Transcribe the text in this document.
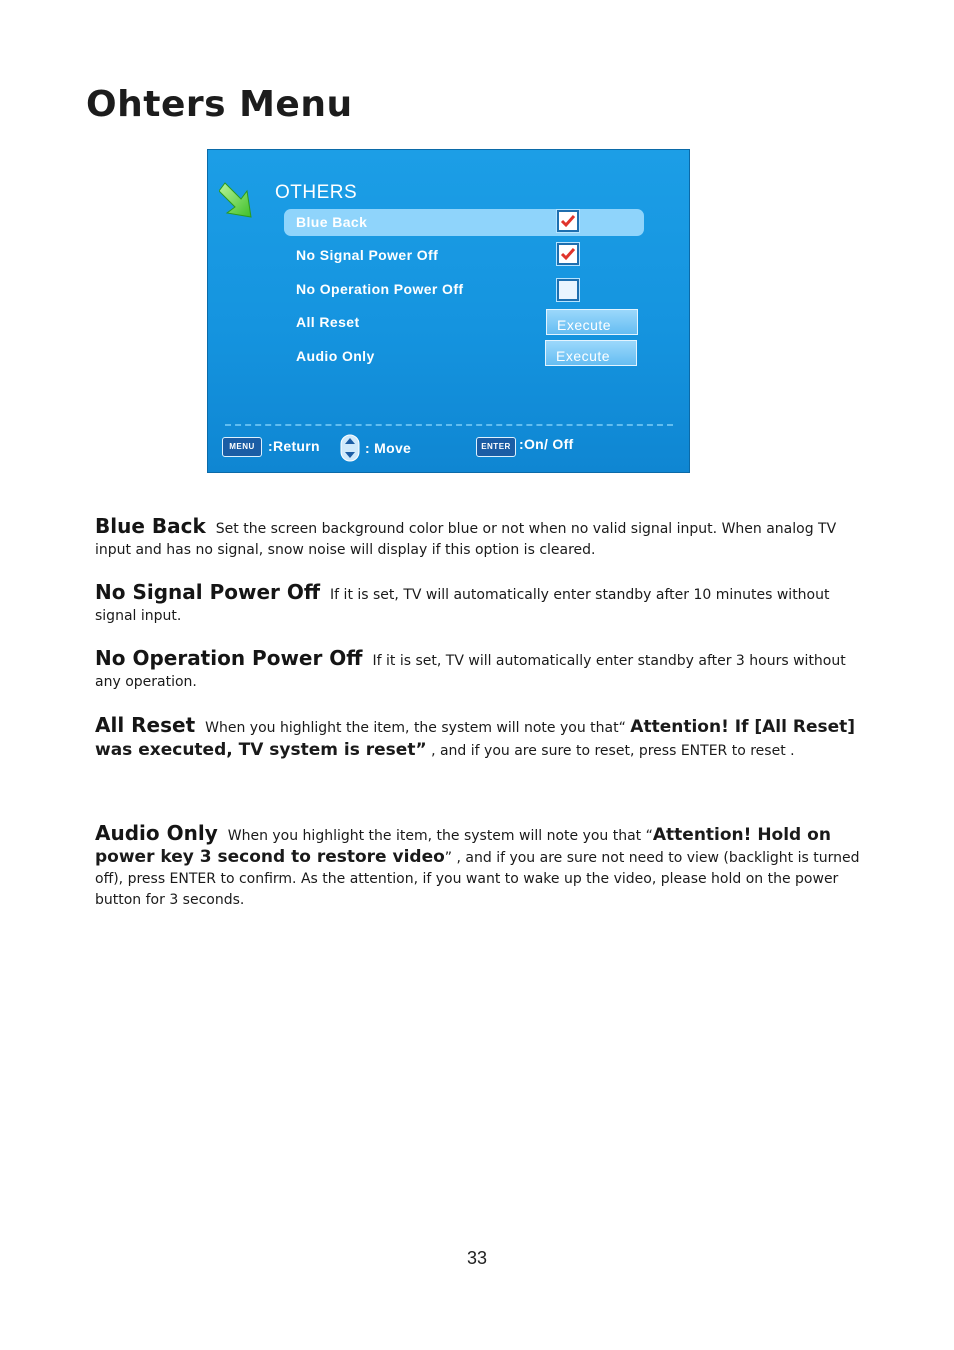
Ohters Menu
OTHERS
Blue Back
No Signal Power Off
No Operation Power Off
All Reset	Execute
Audio Only	Execute
MENU :Return	: Move	ENTER :On/ Off

Blue Back Set the screen background color blue or not when no valid signal input. When analog TV input and has no signal, snow noise will display if this option is cleared.

No Signal Power Off If it is set, TV will automatically enter standby after 10 minutes without signal input.

No Operation Power Off If it is set, TV will automatically enter standby after 3 hours without any operation.

All Reset When you highlight the item, the system will note you that“ Attention! If [All Reset] was executed, TV system is reset” , and if you are sure to reset, press ENTER to reset .

Audio Only When you highlight the item, the system will note you that “Attention! Hold on power key 3 second to restore video” , and if you are sure not need to view (backlight is turned off), press ENTER to confirm. As the attention, if you want to wake up the video, please hold on the power button for 3 seconds.

33
